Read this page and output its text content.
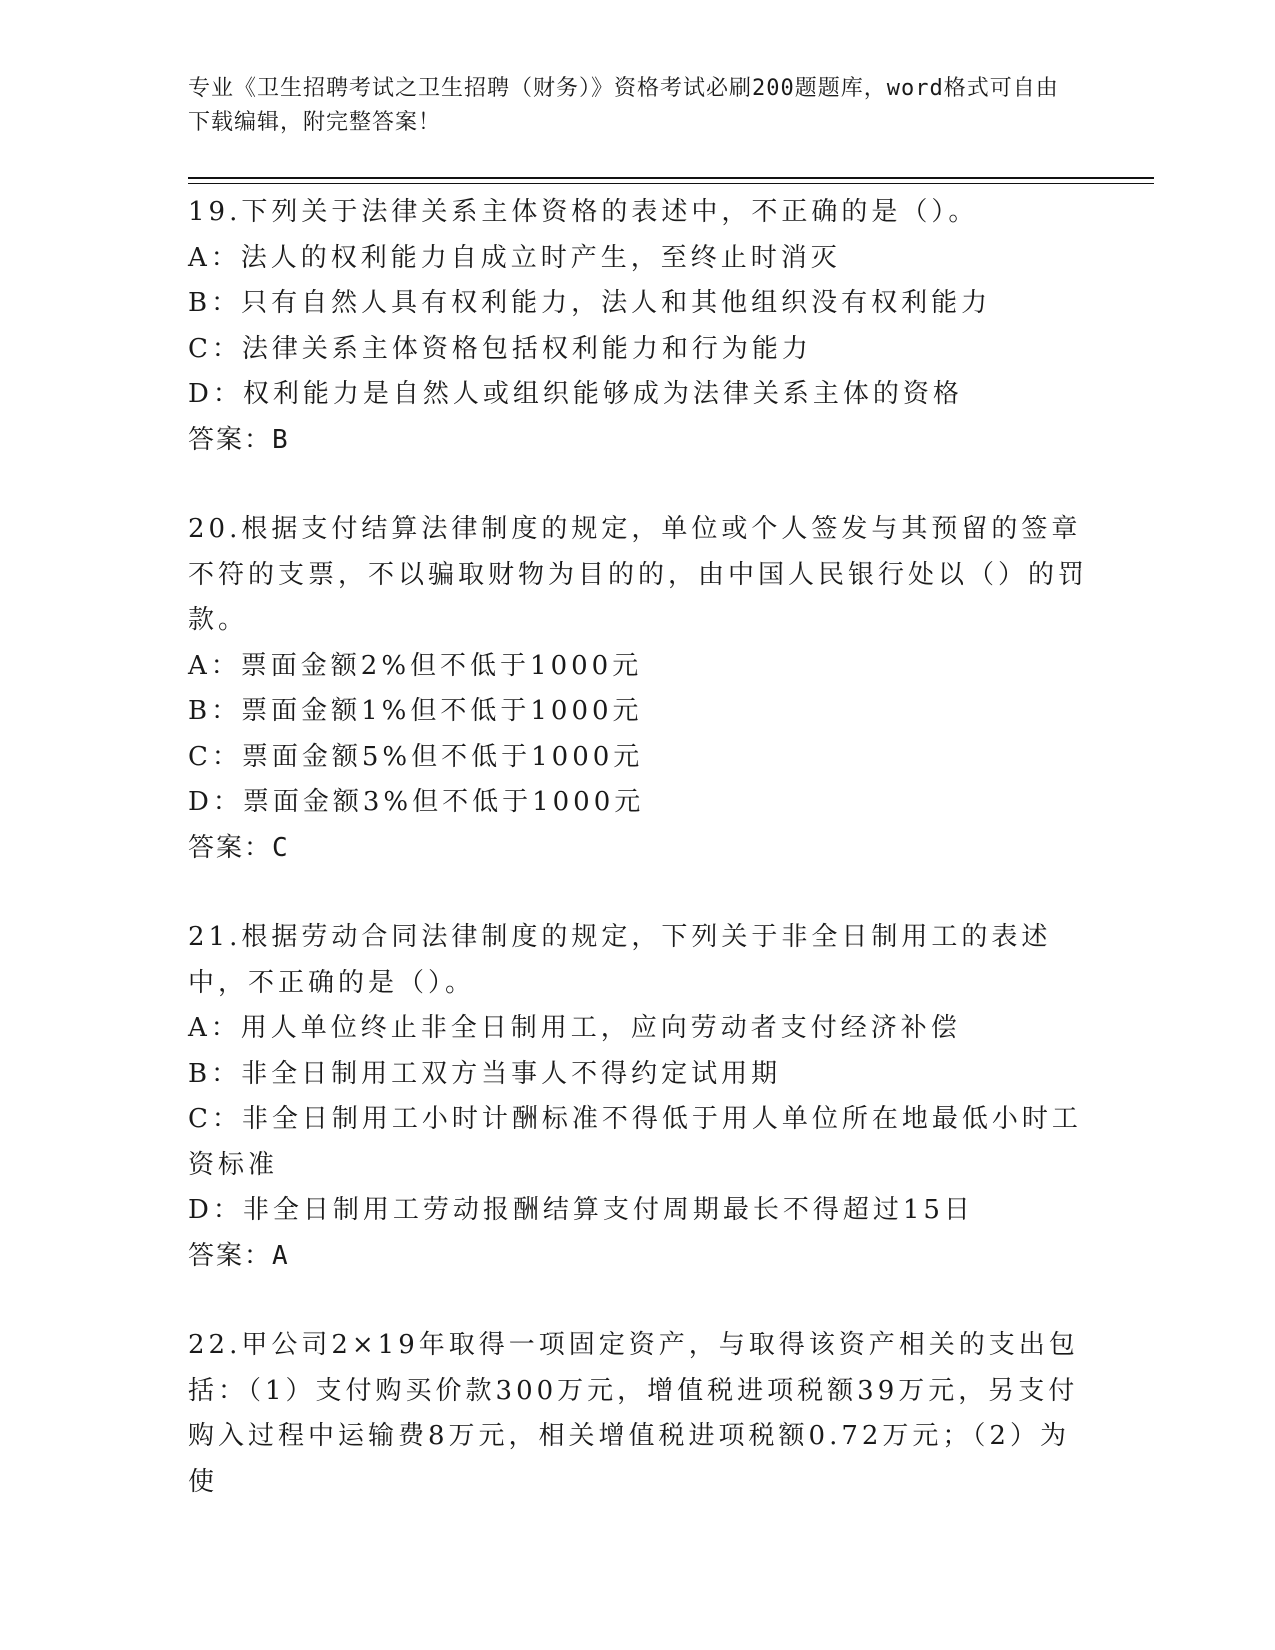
专业《卫生招聘考试之卫生招聘（财务）》资格考试必刷200题题库，word格式可自由下载编辑，附完整答案！
19.下列关于法律关系主体资格的表述中，不正确的是（）。
A：法人的权利能力自成立时产生，至终止时消灭
B：只有自然人具有权利能力，法人和其他组织没有权利能力
C：法律关系主体资格包括权利能力和行为能力
D：权利能力是自然人或组织能够成为法律关系主体的资格
答案：B
20.根据支付结算法律制度的规定，单位或个人签发与其预留的签章不符的支票，不以骗取财物为目的的，由中国人民银行处以（）的罚款。
A：票面金额2%但不低于1000元
B：票面金额1%但不低于1000元
C：票面金额5%但不低于1000元
D：票面金额3%但不低于1000元
答案：C
21.根据劳动合同法律制度的规定，下列关于非全日制用工的表述中，不正确的是（）。
A：用人单位终止非全日制用工，应向劳动者支付经济补偿
B：非全日制用工双方当事人不得约定试用期
C：非全日制用工小时计酬标准不得低于用人单位所在地最低小时工资标准
D：非全日制用工劳动报酬结算支付周期最长不得超过15日
答案：A
22.甲公司2×19年取得一项固定资产，与取得该资产相关的支出包括：（1）支付购买价款300万元，增值税进项税额39万元，另支付购入过程中运输费8万元，相关增值税进项税额0.72万元；（2）为使
